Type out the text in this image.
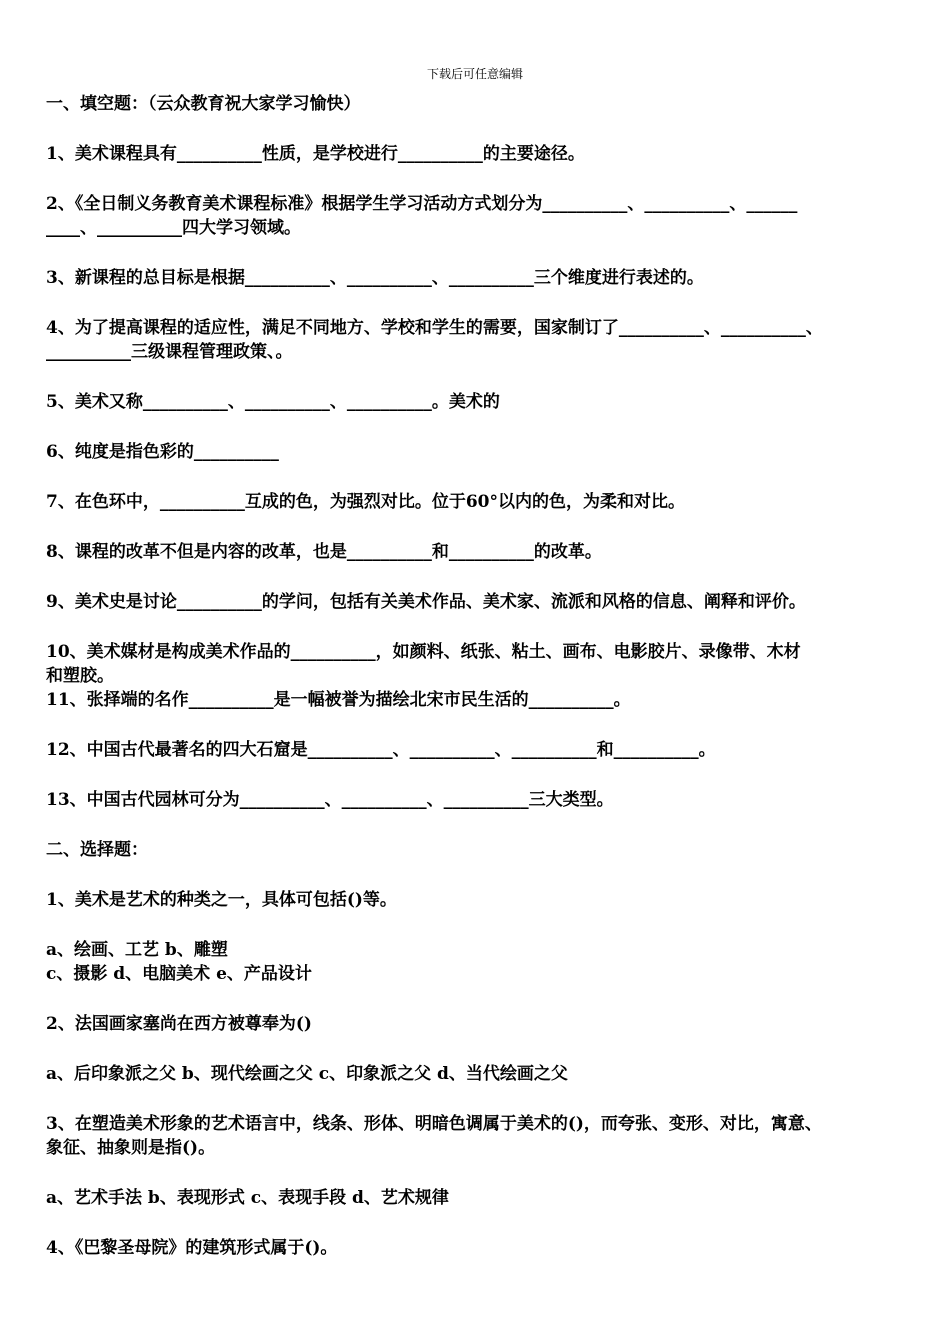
下载后可任意编辑
一、填空题：（云众教育祝大家学习愉快）
1、美术课程具有__________性质，是学校进行__________的主要途径。
2、《全日制义务教育美术课程标准》根据学生学习活动方式划分为__________、__________、______
____、__________四大学习领域。
3、新课程的总目标是根据__________、__________、__________三个维度进行表述的。
4、为了提高课程的适应性，满足不同地方、学校和学生的需要，国家制订了__________、__________、
__________三级课程管理政策、。
5、美术又称__________、__________、__________。美术的
6、纯度是指色彩的__________
7、在色环中，__________互成的色，为强烈对比。位于60°以内的色，为柔和对比。
8、课程的改革不但是内容的改革，也是__________和__________的改革。
9、美术史是讨论__________的学问，包括有关美术作品、美术家、流派和风格的信息、阐释和评价。
10、美术媒材是构成美术作品的__________，如颜料、纸张、粘土、画布、电影胶片、录像带、木材
和塑胶。
11、张择端的名作__________是一幅被誉为描绘北宋市民生活的__________。
12、中国古代最著名的四大石窟是__________、__________、__________和__________。
13、中国古代园林可分为__________、__________、__________三大类型。
二、选择题：
1、美术是艺术的种类之一，具体可包括()等。
a、绘画、工艺 b、雕塑
c、摄影 d、电脑美术 e、产品设计
2、法国画家塞尚在西方被尊奉为()
a、后印象派之父 b、现代绘画之父 c、印象派之父 d、当代绘画之父
3、在塑造美术形象的艺术语言中，线条、形体、明暗色调属于美术的()，而夸张、变形、对比，寓意、
象征、抽象则是指()。
a、艺术手法 b、表现形式 c、表现手段 d、艺术规律
4、《巴黎圣母院》的建筑形式属于()。
